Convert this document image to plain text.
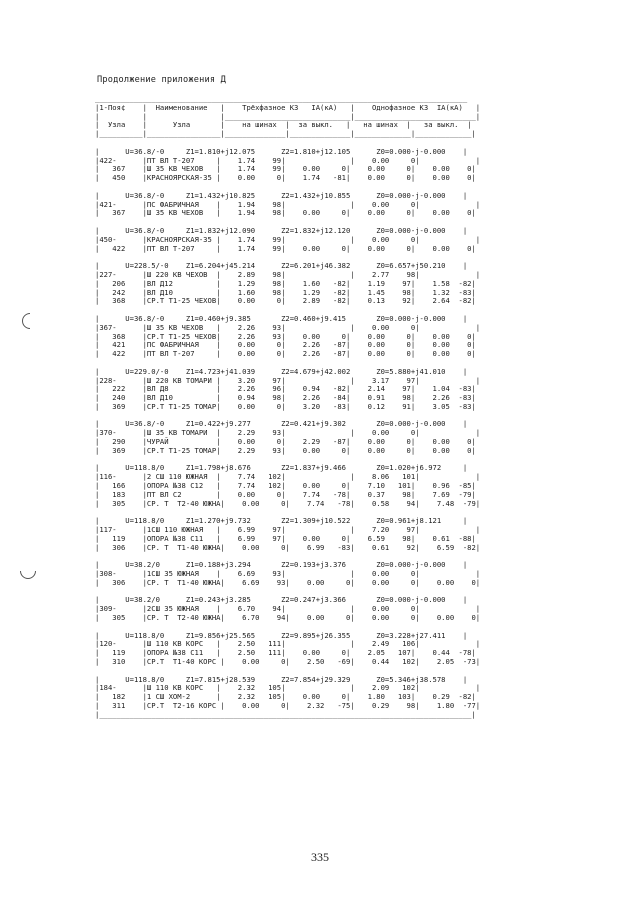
Продолжение приложения Д
______________________________________________________________________________________
|1-Поя¢    |  Наименование   |    Трёхфазное КЗ   IA(кА)   |    Однофазное КЗ  IA(кА)   |
|          |                 |_____________________________|____________________________|
|  Узла    |      Узла       |    на шинах  |  за выкл.   |   на шинах  |   за выкл.  |
|__________|_________________|______________|______________|_____________|_____________|

|      U=36.8/-0     Z1=1.810+j12.075      Z2=1.810+j12.105      Z0=0.000-j-0.000    |
|422-      |ПТ ВЛ Т-207     |    1.74    99|               |    0.00     0|             |
|   367    |Ш 35 КВ ЧЕХОВ   |    1.74    99|    0.00     0|    0.00     0|    0.00    0|
|   450    |КРАСНОЯРСКАЯ-35 |    0.00     0|    1.74   -81|    0.00     0|    0.00    0|

|      U=36.8/-0     Z1=1.432+j10.825      Z2=1.432+j10.855      Z0=0.000-j-0.000    |
|421-      |ПС ФАБРИЧНАЯ    |    1.94    98|               |    0.00     0|             |
|   367    |Ш 35 КВ ЧЕХОВ   |    1.94    98|    0.00     0|    0.00     0|    0.00    0|

|      U=36.8/-0     Z1=1.832+j12.090      Z2=1.832+j12.120      Z0=0.000-j-0.000    |
|450-      |КРАСНОЯРСКАЯ-35 |    1.74    99|               |    0.00     0|             |
|   422    |ПТ ВЛ Т-207     |    1.74    99|    0.00     0|    0.00     0|    0.00    0|

|      U=228.5/-0    Z1=6.204+j45.214      Z2=6.201+j46.382      Z0=6.657+j50.210    |
|227-      |Ш 220 КВ ЧЕХОВ  |    2.89    98|               |    2.77    98|             |
|   206    |ВЛ Д12          |    1.29    98|    1.60   -82|    1.19    97|    1.58  -82|
|   242    |ВЛ Д10          |    1.60    98|    1.29   -82|    1.45    98|    1.32  -83|
|   368    |СР.Т Т1-25 ЧЕХОВ|    0.00     0|    2.89   -82|    0.13    92|    2.64  -82|

|      U=36.8/-0     Z1=0.460+j9.385       Z2=0.460+j9.415       Z0=0.000-j-0.000    |
|367-      |Ш 35 КВ ЧЕХОВ   |    2.26    93|               |    0.00     0|             |
|   368    |СР.Т Т1-25 ЧЕХОВ|    2.26    93|    0.00     0|    0.00     0|    0.00    0|
|   421    |ПС ФАБРИЧНАЯ    |    0.00     0|    2.26   -87|    0.00     0|    0.00    0|
|   422    |ПТ ВЛ Т-207     |    0.00     0|    2.26   -87|    0.00     0|    0.00    0|

|      U=229.0/-0    Z1=4.723+j41.039      Z2=4.679+j42.002      Z0=5.880+j41.010    |
|228-      |Ш 220 КВ ТОМАРИ |    3.20    97|               |    3.17    97|             |
|   222    |ВЛ Д8           |    2.26    96|    0.94   -82|    2.14    97|    1.04  -83|
|   240    |ВЛ Д10          |    0.94    98|    2.26   -84|    0.91    98|    2.26  -83|
|   369    |СР.Т Т1-25 ТОМАР|    0.00     0|    3.20   -83|    0.12    91|    3.05  -83|

|      U=36.8/-0     Z1=0.422+j9.277       Z2=0.421+j9.302       Z0=0.000-j-0.000    |
|370-      |Ш 35 КВ ТОМАРИ  |    2.29    93|               |    0.00     0|             |
|   290    |ЧУРАЙ           |    0.00     0|    2.29   -87|    0.00     0|    0.00    0|
|   369    |СР.Т Т1-25 ТОМАР|    2.29    93|    0.00     0|    0.00     0|    0.00    0|

|      U=118.8/0     Z1=1.798+j8.676       Z2=1.837+j9.466       Z0=1.020+j6.972     |
|116-      |2 СШ 110 ЮЖНАЯ  |    7.74   102|               |    8.06   101|             |
|   166    |ОПОРА №38 С12   |    7.74   102|    0.00     0|    7.10   101|    0.96  -85|
|   183    |ПТ ВЛ С2        |    0.00     0|    7.74   -78|    0.37    98|    7.69  -79|
|   305    |СР. Т  Т2-40 ЮЖНА|    0.00     0|    7.74   -78|    0.58    94|    7.48  -79|

|      U=118.8/0     Z1=1.270+j9.732       Z2=1.309+j10.522      Z0=0.961+j8.121     |
|117-      |1СШ 110 ЮЖНАЯ   |    6.99    97|               |    7.20    97|             |
|   119    |ОПОРА №38 С11   |    6.99    97|    0.00     0|    6.59    98|    0.61  -88|
|   306    |СР. Т  Т1-40 ЮЖНА|    0.00     0|    6.99   -83|    0.61    92|    6.59  -82|

|      U=38.2/0      Z1=0.188+j3.294       Z2=0.193+j3.376       Z0=0.000-j-0.000    |
|308-      |1СШ 35 ЮЖНАЯ    |    6.69    93|               |    0.00     0|             |
|   306    |СР. Т  Т1-40 ЮЖНА|    6.69    93|    0.00     0|    0.00     0|    0.00    0|

|      U=38.2/0      Z1=0.243+j3.285       Z2=0.247+j3.366       Z0=0.000-j-0.000    |
|309-      |2СШ 35 ЮЖНАЯ    |    6.70    94|               |    0.00     0|             |
|   305    |СР. Т  Т2-40 ЮЖНА|    6.70    94|    0.00     0|    0.00     0|    0.00    0|

|      U=118.8/0     Z1=9.856+j25.565      Z2=9.895+j26.355      Z0=3.228+j27.411    |
|120-      |Ш 110 КВ КОРС   |    2.50   111|               |    2.49   106|             |
|   119    |ОПОРА №38 С11   |    2.50   111|    0.00     0|    2.05   107|    0.44  -78|
|   310    |СР.Т  Т1-40 КОРС |    0.00     0|    2.50   -69|    0.44   102|    2.05  -73|

|      U=118.8/0     Z1=7.815+j28.539      Z2=7.854+j29.329      Z0=5.346+j38.578    |
|184-      |Ш 110 КВ КОРС   |    2.32   105|               |    2.09   102|             |
|   182    |1 СШ ХОМ-2      |    2.32   105|    0.00     0|    1.80   103|    0.29  -82|
|   311    |СР.Т  Т2-16 КОРС |    0.00     0|    2.32   -75|    0.29    98|    1.80  -77|
|______________________________________________________________________________________|

335
